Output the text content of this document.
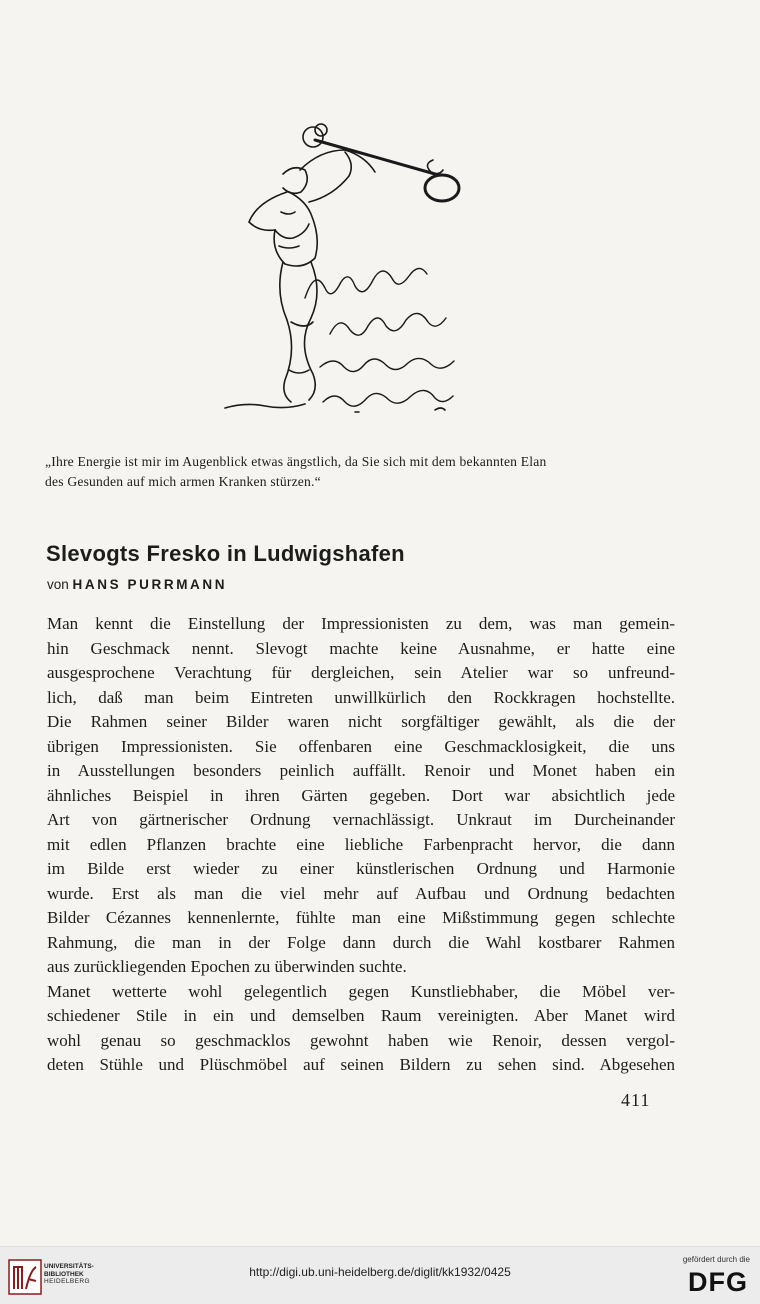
„Ihre Energie ist mir im Augenblick etwas ängstlich, da Sie sich mit dem bekannten Elan
des Gesunden auf mich armen Kranken stürzen.“
Slevogts Fresko in Ludwigshafen
von HANS PURRMANN
Man kennt die Einstellung der Impressionisten zu dem, was man gemein-
hin Geschmack nennt. Slevogt machte keine Ausnahme, er hatte eine
ausgesprochene Verachtung für dergleichen, sein Atelier war so unfreund-
lich, daß man beim Eintreten unwillkürlich den Rockkragen hochstellte.
Die Rahmen seiner Bilder waren nicht sorgfältiger gewählt, als die der
übrigen Impressionisten. Sie offenbaren eine Geschmacklosigkeit, die uns
in Ausstellungen besonders peinlich auffällt. Renoir und Monet haben ein
ähnliches Beispiel in ihren Gärten gegeben. Dort war absichtlich jede
Art von gärtnerischer Ordnung vernachlässigt. Unkraut im Durcheinander
mit edlen Pflanzen brachte eine liebliche Farbenpracht hervor, die dann
im Bilde erst wieder zu einer künstlerischen Ordnung und Harmonie
wurde. Erst als man die viel mehr auf Aufbau und Ordnung bedachten
Bilder Cézannes kennenlernte, fühlte man eine Mißstimmung gegen schlechte
Rahmung, die man in der Folge dann durch die Wahl kostbarer Rahmen
aus zurückliegenden Epochen zu überwinden suchte.
Manet wetterte wohl gelegentlich gegen Kunstliebhaber, die Möbel ver-
schiedener Stile in ein und demselben Raum vereinigten. Aber Manet wird
wohl genau so geschmacklos gewohnt haben wie Renoir, dessen vergol-
deten Stühle und Plüschmöbel auf seinen Bildern zu sehen sind. Abgesehen
411
UNIVERSITÄTS-
BIBLIOTHEK
HEIDELBERG
http://digi.ub.uni-heidelberg.de/diglit/kk1932/0425
gefördert durch die
DFG
